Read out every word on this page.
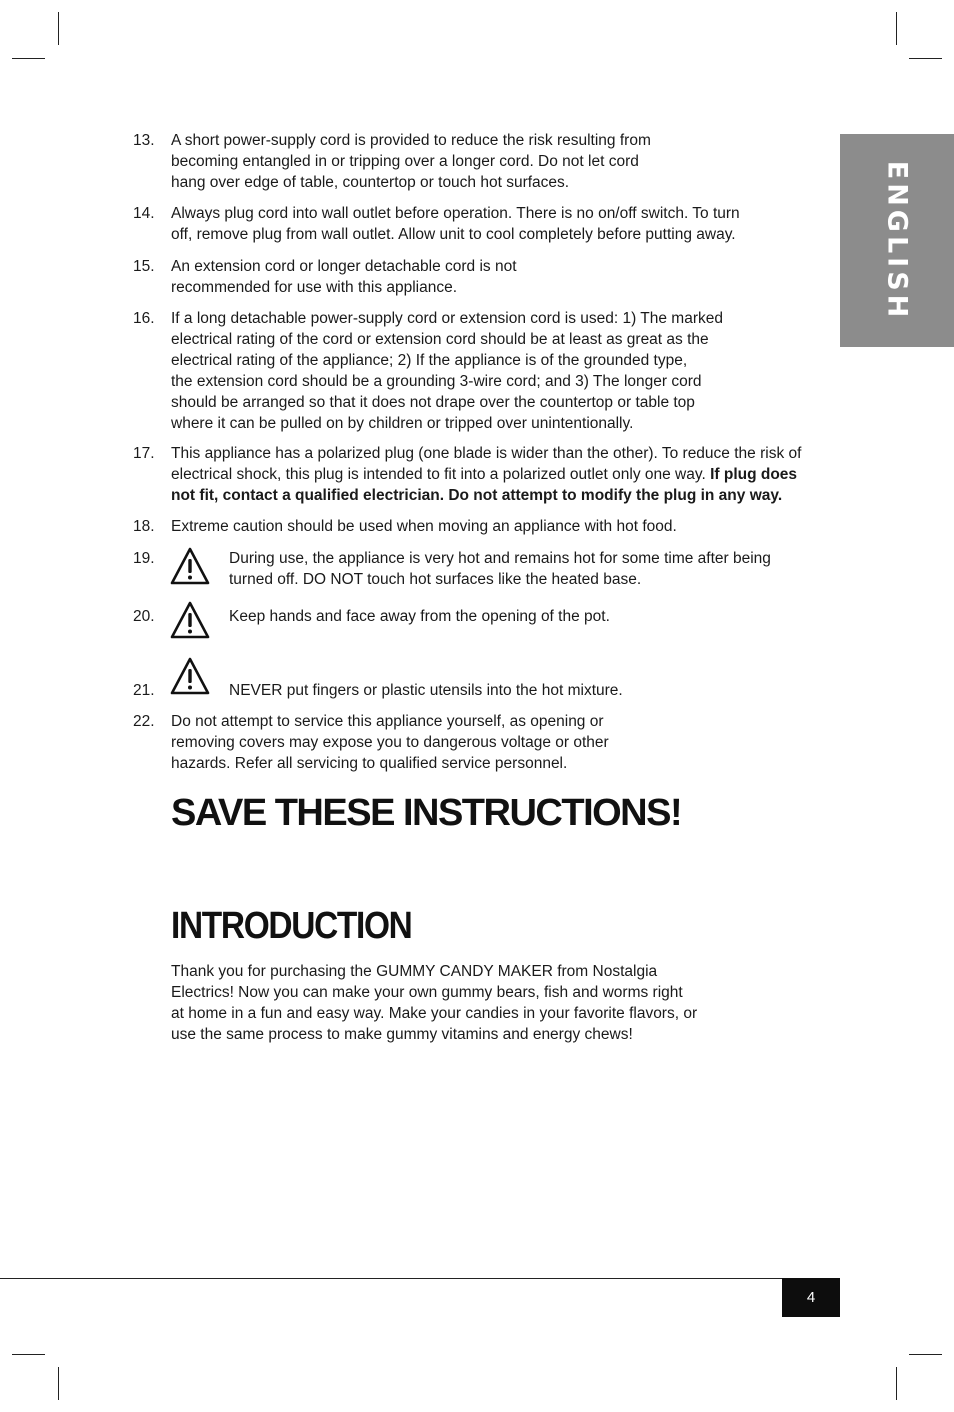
ENGLISH
13.	A short power-supply cord is provided to reduce the risk resulting from
becoming entangled in or tripping over a longer cord. Do not let cord
hang over edge of table, countertop or touch hot surfaces.
14.	Always plug cord into wall outlet before operation. There is no on/off switch. To turn
off, remove plug from wall outlet. Allow unit to cool completely before putting away.
15.	An extension cord or longer detachable cord is not
recommended for use with this appliance.
16.	If a long detachable power-supply cord or extension cord is used: 1) The marked
electrical rating of the cord or extension cord should be at least as great as the
electrical rating of the appliance; 2) If the appliance is of the grounded type,
the extension cord should be a grounding 3-wire cord; and 3) The longer cord
should be arranged so that it does not drape over the countertop or table top
where it can be pulled on by children or tripped over unintentionally.
17.	This appliance has a polarized plug (one blade is wider than the other). To reduce the risk of
electrical shock, this plug is intended to fit into a polarized outlet only one way. If plug does
not fit, contact a qualified electrician. Do not attempt to modify the plug in any way.
18.	Extreme caution should be used when moving an appliance with hot food.
19.	During use, the appliance is very hot and remains hot for some time after being
turned off. DO NOT touch hot surfaces like the heated base.
20.	Keep hands and face away from the opening of the pot.
21.	NEVER put fingers or plastic utensils into the hot mixture.
22.	Do not attempt to service this appliance yourself, as opening or
removing covers may expose you to dangerous voltage or other
hazards. Refer all servicing to qualified service personnel.
SAVE THESE INSTRUCTIONS!
INTRODUCTION

Thank you for purchasing the GUMMY CANDY MAKER from Nostalgia
Electrics! Now you can make your own gummy bears, fish and worms right
at home in a fun and easy way. Make your candies in your favorite flavors, or
use the same process to make gummy vitamins and energy chews!

4
